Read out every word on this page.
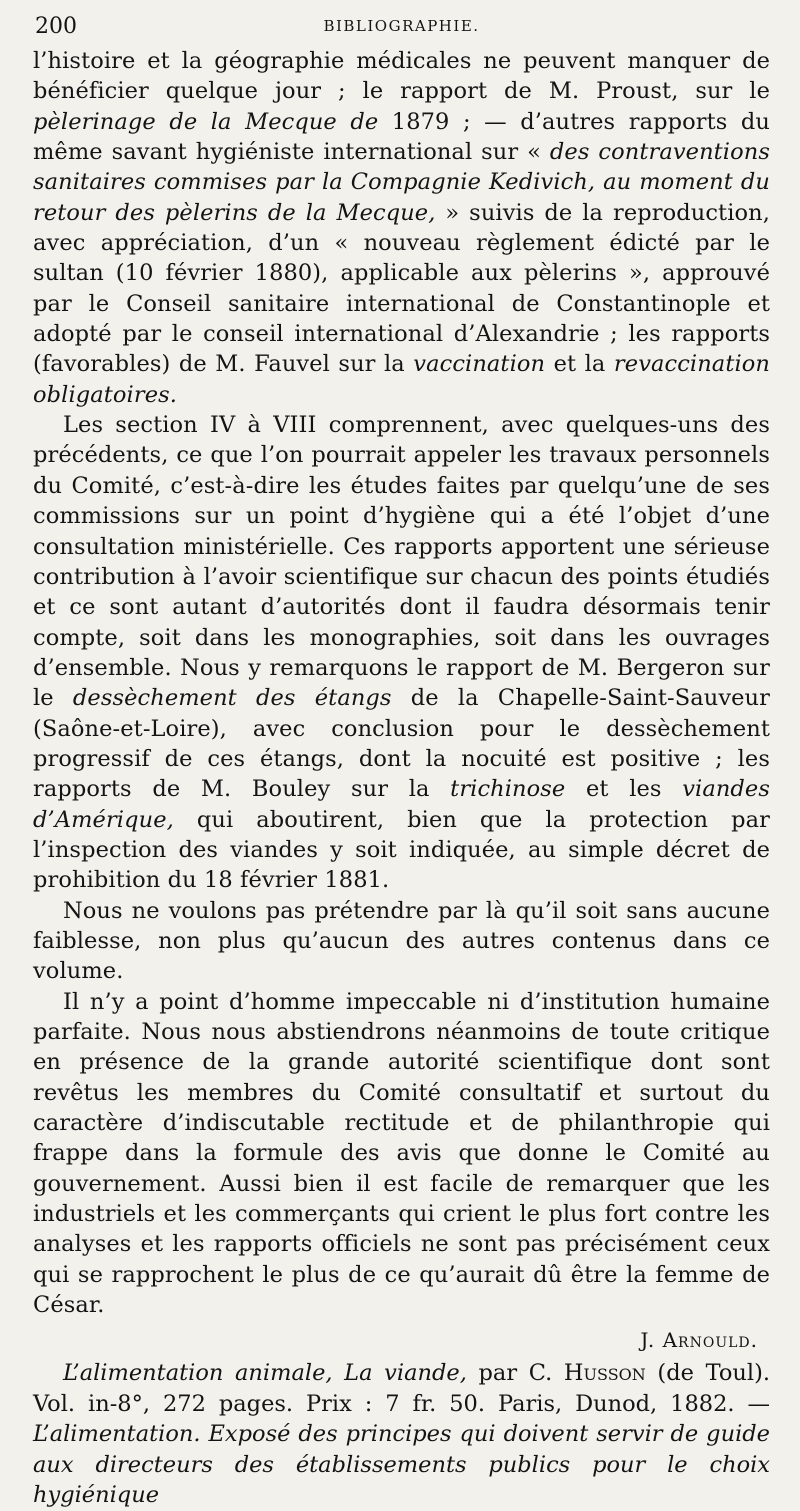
200	BIBLIOGRAPHIE.

l’histoire et la géographie médicales ne peuvent manquer de bénéficier quelque jour ; le rapport de M. Proust, sur le pèlerinage de la Mecque de 1879 ; — d’autres rapports du même savant hygiéniste international sur « des contraventions sanitaires commises par la Compagnie Kedivich, au moment du retour des pèlerins de la Mecque, » suivis de la reproduction, avec appréciation, d’un « nouveau règlement édicté par le sultan (10 février 1880), applicable aux pèlerins », approuvé par le Conseil sanitaire international de Constantinople et adopté par le conseil international d’Alexandrie ; les rapports (favorables) de M. Fauvel sur la vaccination et la revaccination obligatoires.

Les section IV à VIII comprennent, avec quelques-uns des précédents, ce que l’on pourrait appeler les travaux personnels du Comité, c’est-à-dire les études faites par quelqu’une de ses commissions sur un point d’hygiène qui a été l’objet d’une consultation ministérielle. Ces rapports apportent une sérieuse contribution à l’avoir scientifique sur chacun des points étudiés et ce sont autant d’autorités dont il faudra désormais tenir compte, soit dans les monographies, soit dans les ouvrages d’ensemble. Nous y remarquons le rapport de M. Bergeron sur le dessèchement des étangs de la Chapelle-Saint-Sauveur (Saône-et-Loire), avec conclusion pour le dessèchement progressif de ces étangs, dont la nocuité est positive ; les rapports de M. Bouley sur la trichinose et les viandes d’Amérique, qui aboutirent, bien que la protection par l’inspection des viandes y soit indiquée, au simple décret de prohibition du 18 février 1881.

Nous ne voulons pas prétendre par là qu’il soit sans aucune faiblesse, non plus qu’aucun des autres contenus dans ce volume.

Il n’y a point d’homme impeccable ni d’institution humaine parfaite. Nous nous abstiendrons néanmoins de toute critique en présence de la grande autorité scientifique dont sont revêtus les membres du Comité consultatif et surtout du caractère d’indiscutable rectitude et de philanthropie qui frappe dans la formule des avis que donne le Comité au gouvernement. Aussi bien il est facile de remarquer que les industriels et les commerçants qui crient le plus fort contre les analyses et les rapports officiels ne sont pas précisément ceux qui se rapprochent le plus de ce qu’aurait dû être la femme de César.

J. Arnould.

L’alimentation animale, La viande, par C. Husson (de Toul). Vol. in-8°, 272 pages. Prix : 7 fr. 50. Paris, Dunod, 1882. — L’alimentation. Exposé des principes qui doivent servir de guide aux directeurs des établissements publics pour le choix hygiénique
